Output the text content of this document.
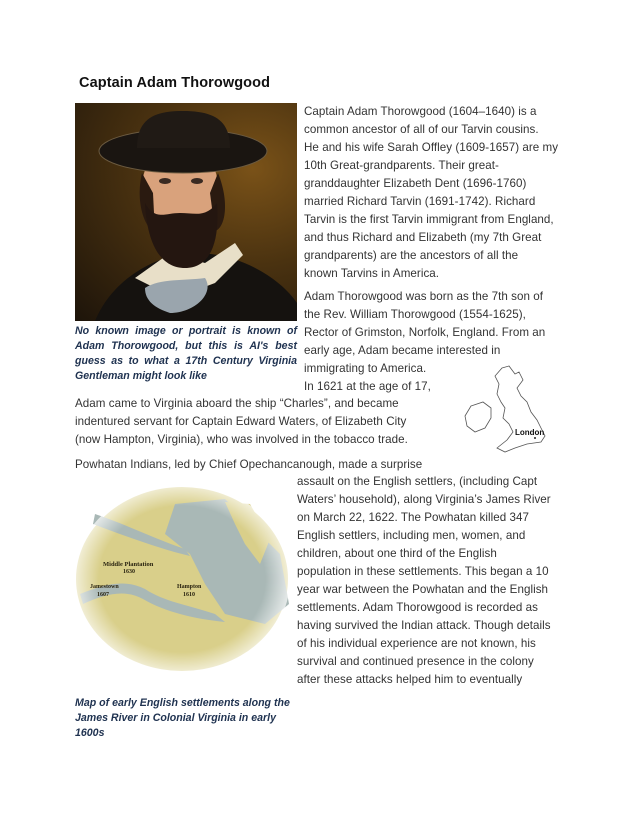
Captain Adam Thorowgood
No known image or portrait is known of Adam Thorowgood, but this is AI's best guess as to what a 17th Century Virginia Gentleman might look like
Captain Adam Thorowgood (1604–1640) is a
common ancestor of all of our Tarvin cousins.
He and his wife Sarah Offley (1609-1657) are my
10th Great-grandparents. Their great-
granddaughter Elizabeth Dent (1696-1760)
married Richard Tarvin (1691-1742). Richard
Tarvin is the first Tarvin immigrant from England,
and thus Richard and Elizabeth (my 7th Great
grandparents) are the ancestors of all the
known Tarvins in America.
Adam Thorowgood was born as the 7th son of
the Rev. William Thorowgood (1554-1625),
Rector of Grimston, Norfolk, England. From an
early age, Adam became interested in
immigrating to America.
In 1621 at the age of 17,
Adam came to Virginia aboard the ship “Charles”, and became
indentured servant for Captain Edward Waters, of Elizabeth City
(now Hampton, Virginia), who was involved in the tobacco trade.
London
Powhatan Indians, led by Chief Opechancanough, made a surprise
assault on the English settlers, (including Capt
Waters’ household), along Virginia’s James River
on March 22, 1622. The Powhatan killed 347
English settlers, including men, women, and
children, about one third of the English
population in these settlements. This began a 10
year war between the Powhatan and the English
settlements. Adam Thorowgood is recorded as
having survived the Indian attack. Though details
of his individual experience are not known, his
survival and continued presence in the colony
after these attacks helped him to eventually
Middle Plantation
1630
Jamestown
1607
Hampton
1610
Map of early English settlements along the James River in Colonial Virginia in early 1600s
